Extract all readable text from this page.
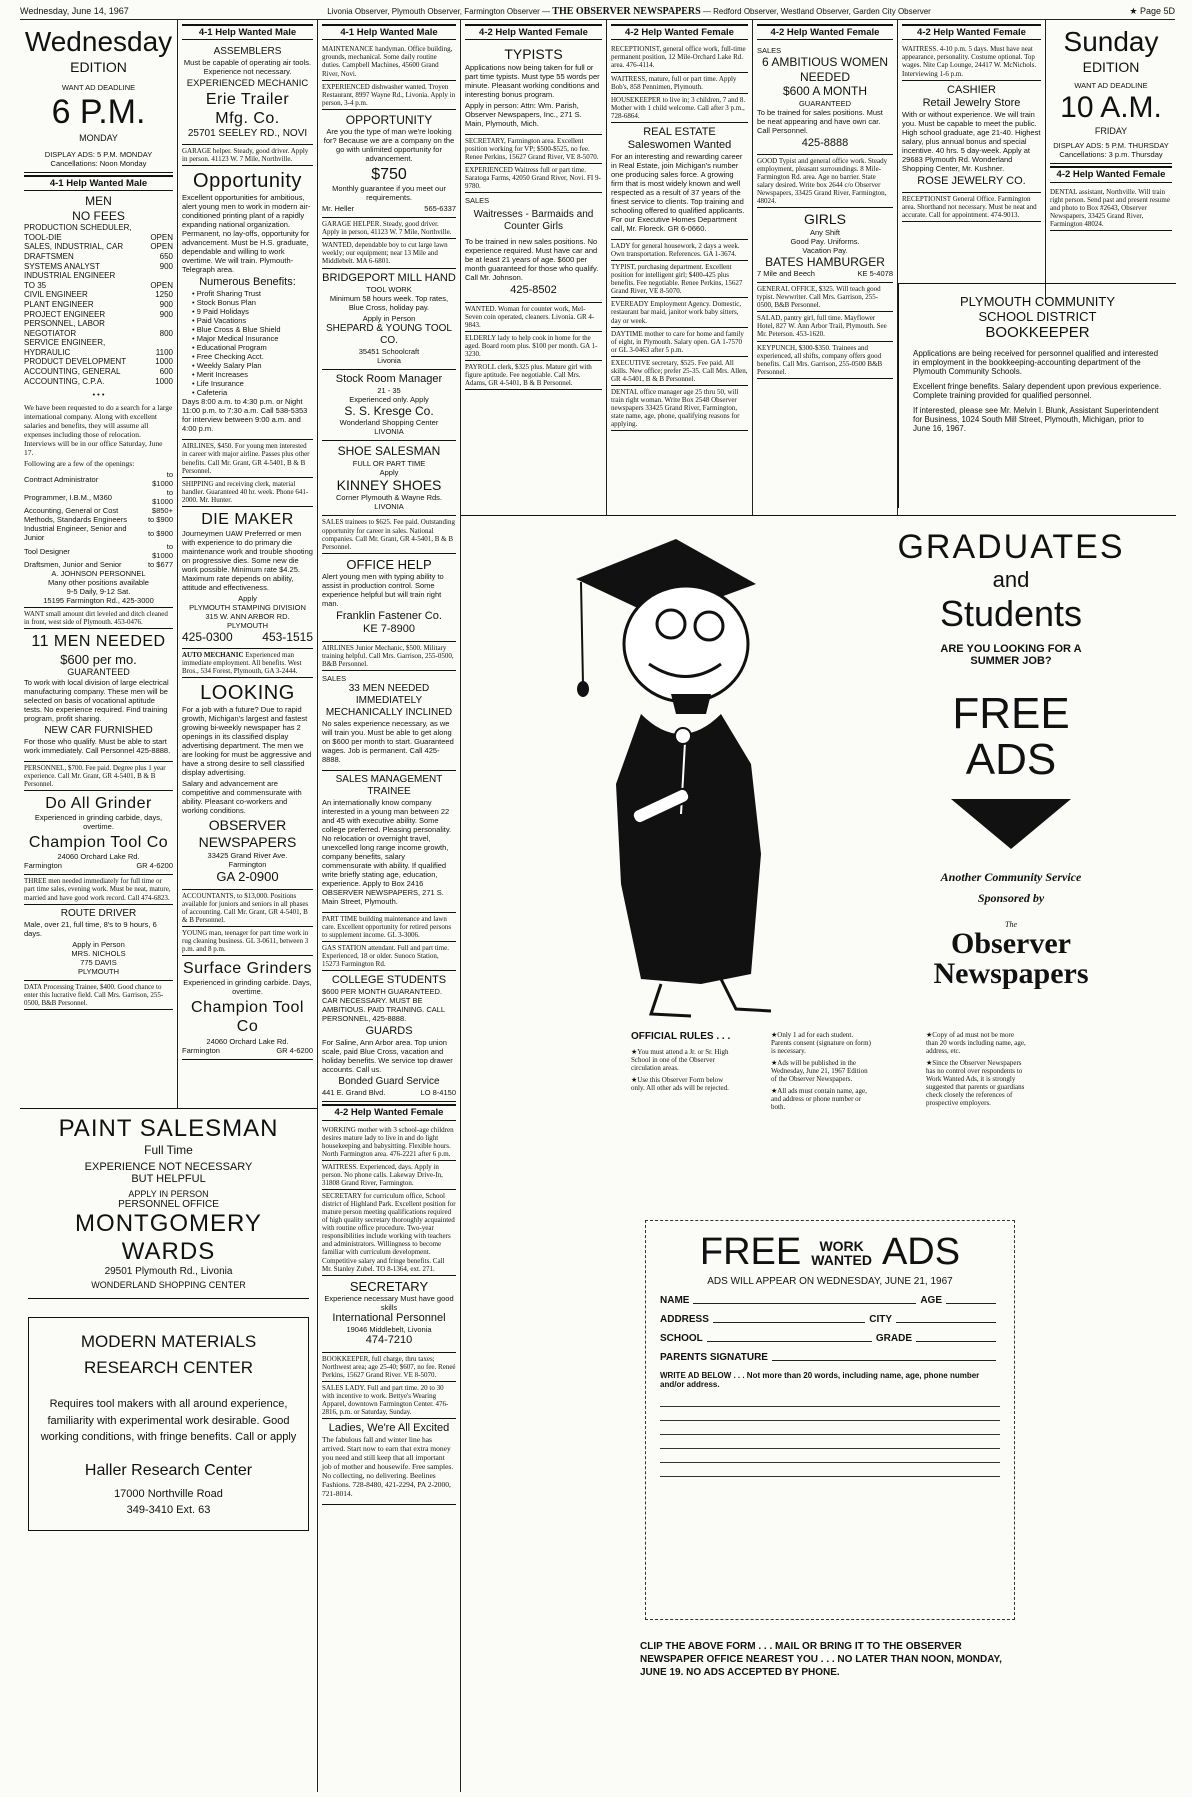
Wednesday, June 14, 1967	Livonia Observer, Plymouth Observer, Farmington Observer — THE OBSERVER NEWSPAPERS — Redford Observer, Westland Observer, Garden City Observer	★ Page 5D
Wednesday
EDITION
WANT AD DEADLINE
6 P.M.
MONDAY
DISPLAY ADS: 5 P.M. MONDAY
Cancellations: Noon Monday
4-1 Help Wanted Male
MEN
NO FEES
PRODUCTION SCHEDULER,	
TOOL-DIE	OPEN
SALES, INDUSTRIAL, CAR	OPEN
DRAFTSMEN	650
SYSTEMS ANALYST	900
INDUSTRIAL ENGINEER	
TO 35	OPEN
CIVIL ENGINEER	1250
PLANT ENGINEER	900
PROJECT ENGINEER	900
PERSONNEL, LABOR	
NEGOTIATOR	800
SERVICE ENGINEER,	
HYDRAULIC	1100
PRODUCT DEVELOPMENT	1000
ACCOUNTING, GENERAL	600
ACCOUNTING, C.P.A.	1000
• • •

We have been requested to do a search for a large international company. Along with excellent salaries and benefits, they will assume all expenses including those of relocation. Interviews will be in our office Saturday, June 17.

Following are a few of the openings:

Contract Administrator	to $1000
Programmer, I.B.M., M360	to $1000
Accounting, General or Cost	$850+
Methods, Standards Engineers	to $900
Industrial Engineer, Senior and Junior	to $900
Tool Designer	to $1000
Draftsmen, Junior and Senior	to $677
A. JOHNSON PERSONNEL
Many other positions available
9-5 Daily, 9-12 Sat.
15195 Farmington Rd., 425-3000
WANT small amount dirt leveled and ditch cleaned in front, west side of Plymouth. 453-0476.
11 MEN NEEDED
$600 per mo.
GUARANTEED

To work with local division of large electrical manufacturing company. These men will be selected on basis of vocational aptitude tests. No experience required. Find training program, profit sharing.

NEW CAR FURNISHED

For those who qualify. Must be able to start work immediately. Call Personnel 425-8888.

PERSONNEL, $700. Fee paid. Degree plus 1 year experience. Call Mr. Grant, GR 4-5401, B & B Personnel.
Do All Grinder

Experienced in grinding carbide, days, overtime.

Champion Tool Co
24060 Orchard Lake Rd.
Farmington	GR 4-6200
THREE men needed immediately for full time or part time sales, evening work. Must be neat, mature, married and have good work record. Call 474-6823.
ROUTE DRIVER

Male, over 21, full time, 8's to 9 hours, 6 days.

Apply in Person
MRS. NICHOLS
775 DAVIS
PLYMOUTH
DATA Processing Trainee, $400. Good chance to enter this lucrative field. Call Mrs. Garrison, 255-0500, B&B Personnel.
4-1 Help Wanted Male
ASSEMBLERS

Must be capable of operating air tools. Experience not necessary.

EXPERIENCED MECHANIC
Erie Trailer
Mfg. Co.
25701 SEELEY RD., NOVI
GARAGE helper. Steady, good driver. Apply in person. 41123 W. 7 Mile, Northville.
Opportunity

Excellent opportunities for ambitious, alert young men to work in modern air-conditioned printing plant of a rapidly expanding national organization. Permanent, no lay-offs, opportunity for advancement. Must be H.S. graduate, dependable and willing to work overtime. We will train. Plymouth-Telegraph area.

Numerous Benefits:
• Profit Sharing Trust
• Stock Bonus Plan
• 9 Paid Holidays
• Paid Vacations
• Blue Cross & Blue Shield
• Major Medical Insurance
• Educational Program
• Free Checking Acct.
• Weekly Salary Plan
• Merit Increases
• Life Insurance
• Cafeteria

Days 8:00 a.m. to 4:30 p.m. or Night 11:00 p.m. to 7:30 a.m. Call 538-5353 for interview between 9:00 a.m. and 4:00 p.m.

AIRLINES, $450. For young men interested in career with major airline. Passes plus other benefits. Call Mr. Grant, GR 4-5401, B & B Personnel.
SHIPPING and receiving clerk, material handler. Guaranteed 40 hr. week. Phone 641-2000. Mr. Hunter.
DIE MAKER

Journeymen UAW Preferred or men with experience to do primary die maintenance work and trouble shooting on progressive dies. Some new die work possible. Minimum rate $4.25. Maximum rate depends on ability, attitude and effectiveness.

Apply
PLYMOUTH STAMPING DIVISION
315 W. ANN ARBOR RD.
PLYMOUTH
425-0300 453-1515
AUTO MECHANIC Experienced man immediate employment. All benefits. West Bros., 534 Forest, Plymouth, GA 3-2444.
LOOKING

For a job with a future? Due to rapid growth, Michigan's largest and fastest growing bi-weekly newspaper has 2 openings in its classified display advertising department. The men we are looking for must be aggressive and have a strong desire to sell classified display advertising.

Salary and advancement are competitive and commensurate with ability. Pleasant co-workers and working conditions.

OBSERVER NEWSPAPERS
33425 Grand River Ave.
Farmington
GA 2-0900
ACCOUNTANTS, to $13,000. Positions available for juniors and seniors in all phases of accounting. Call Mr. Grant, GR 4-5401, B & B Personnel.
YOUNG man, teenager for part time work in rug cleaning business. GL 3-0611, between 3 p.m. and 8 p.m.
Surface Grinders

Experienced in grinding carbide. Days, overtime.

Champion Tool Co
24060 Orchard Lake Rd.
Farmington	GR 4-6200
4-1 Help Wanted Male
MAINTENANCE handyman. Office building, grounds, mechanical. Some daily routine duties. Campbell Machines, 45600 Grand River, Novi.
EXPERIENCED dishwasher wanted. Troyen Restaurant, 8997 Wayne Rd., Livonia. Apply in person, 3-4 p.m.
OPPORTUNITY

Are you the type of man we're looking for? Because we are a company on the go with unlimited opportunity for advancement.

$750

Monthly guarantee if you meet our requirements.

Mr. Heller	565-6337
GARAGE HELPER. Steady, good driver. Apply in person, 41123 W. 7 Mile, Northville.
WANTED, dependable boy to cut large lawn weekly; our equipment; near 13 Mile and Middlebelt. MA 6-6801.
BRIDGEPORT MILL HAND
TOOL WORK

Minimum 58 hours week. Top rates, Blue Cross, holiday pay.

Apply in Person
SHEPARD & YOUNG TOOL CO.
35451 Schoolcraft
Livonia
Stock Room Manager
21 - 35
Experienced only. Apply
S. S. Kresge Co.
Wonderland Shopping Center
LIVONIA
SHOE SALESMAN
FULL OR PART TIME
Apply
KINNEY SHOES
Corner Plymouth & Wayne Rds.
LIVONIA
SALES trainees to $625. Fee paid. Outstanding opportunity for career in sales. National companies. Call Mr. Grant, GR 4-5401, B & B Personnel.
OFFICE HELP

Alert young men with typing ability to assist in production control. Some experience helpful but will train right man.

Franklin Fastener Co.
KE 7-8900
AIRLINES Junior Mechanic, $500. Military training helpful. Call Mrs. Garrison, 255-0500, B&B Personnel.
SALES
33 MEN NEEDED IMMEDIATELY MECHANICALLY INCLINED

No sales experience necessary, as we will train you. Must be able to get along on $600 per month to start. Guaranteed wages. Job is permanent. Call 425-8888.

SALES MANAGEMENT TRAINEE

An internationally know company interested in a young man between 22 and 45 with executive ability. Some college preferred. Pleasing personality. No relocation or overnight travel, unexcelled long range income growth, company benefits, salary commensurate with ability. If qualified write briefly stating age, education, experience. Apply to Box 2416 OBSERVER NEWSPAPERS, 271 S. Main Street, Plymouth.

PART TIME building maintenance and lawn care. Excellent opportunity for retired persons to supplement income. GL 3-3006.
GAS STATION attendant. Full and part time. Experienced, 18 or older. Sunoco Station, 15273 Farmington Rd.
COLLEGE STUDENTS

$600 PER MONTH GUARANTEED. CAR NECESSARY. MUST BE AMBITIOUS. PAID TRAINING. CALL PERSONNEL, 425-8888.

GUARDS

For Saline, Ann Arbor area. Top union scale, paid Blue Cross, vacation and holiday benefits. We service top drawer accounts. Call us.

Bonded Guard Service
441 E. Grand Blvd.	LO 8-4150
4-2 Help Wanted Female
WORKING mother with 3 school-age children desires mature lady to live in and do light housekeeping and babysitting. Flexible hours. North Farmington area. 476-2221 after 6 p.m.
WAITRESS. Experienced, days. Apply in person. No phone calls. Lakeway Drive-In, 31808 Grand River, Farmington.
SECRETARY for curriculum office, School district of Highland Park. Excellent position for mature person meeting qualifications required of high quality secretary thoroughly acquainted with routine office procedure. Two-year responsibilities include working with teachers and administrators. Willingness to become familiar with curriculum development. Competitive salary and fringe benefits. Call Mr. Stanley Zubel. TO 8-1364, ext. 271.
SECRETARY
Experience necessary Must have good skills
International Personnel
19046 Middlebelt, Livonia
474-7210
BOOKKEEPER, full charge, thru taxes; Northwest area; age 25-40; $607, no fee. Reneé Perkins, 15627 Grand River. VE 8-5070.
SALES LADY. Full and part time. 20 to 30 with incentive to work. Bettye's Wearing Apparel, downtown Farmington Center. 476-2816, p.m. or Saturday, Sunday.
Ladies, We're All Excited

The fabulous fall and winter line has arrived. Start now to earn that extra money you need and still keep that all important job of mother and housewife. Free samples. No collecting, no delivering. Beelines Fashions. 728-8480, 421-2294, PA 2-2000, 721-8014.

PAINT SALESMAN
Full Time
EXPERIENCE NOT NECESSARY
BUT HELPFUL
APPLY IN PERSON
PERSONNEL OFFICE
MONTGOMERY WARDS
29501 Plymouth Rd., Livonia
WONDERLAND SHOPPING CENTER
MODERN MATERIALS
RESEARCH CENTER
Requires tool makers with all around experience, familiarity with experimental work desirable. Good working conditions, with fringe benefits. Call or apply
Haller Research Center
17000 Northville Road
349-3410 Ext. 63
4-2 Help Wanted Female
TYPISTS

Applications now being taken for full or part time typists. Must type 55 words per minute. Pleasant working conditions and interesting bonus program.

Apply in person: Attn: Wm. Parish, Observer Newspapers, Inc., 271 S. Main, Plymouth, Mich.

SECRETARY, Farmington area. Excellent position working for VP; $500-$525, no fee. Renee Perkins, 15627 Grand River, VE 8-5070.
EXPERIENCED Waitress full or part time. Saratoga Farms, 42050 Grand River, Novi. FI 9-9780.
SALES
Waitresses - Barmaids and Counter Girls

To be trained in new sales positions. No experience required. Must have car and be at least 21 years of age. $600 per month guaranteed for those who qualify. Call Mr. Johnson.

425-8502
WANTED. Woman for counter work, Mel-Seven coin operated, cleaners. Livonia. GR 4-9843.
ELDERLY lady to help cook in home for the aged. Board room plus. $100 per month. GA 1-3230.
PAYROLL clerk, $325 plus. Mature girl with figure aptitude. Fee negotiable. Call Mrs. Adams, GR 4-5401, B & B Personnel.
4-2 Help Wanted Female
RECEPTIONIST, general office work, full-time permanent position, 12 Mile-Orchard Lake Rd. area. 476-4114.
WAITRESS, mature, full or part time. Apply Bob's, 858 Pennimen, Plymouth.
HOUSEKEEPER to live in; 3 children, 7 and 8. Mother with 1 child welcome. Call after 3 p.m., 728-6864.
REAL ESTATE
Saleswomen Wanted

For an interesting and rewarding career in Real Estate, join Michigan's number one producing sales force. A growing firm that is most widely known and well respected as a result of 37 years of the finest service to clients. Top training and schooling offered to qualified applicants. For our Executive Homes Department call, Mr. Floreck. GR 6-0660.

LADY for general housework, 2 days a week. Own transportation. References. GA 1-3674.
TYPIST, purchasing department. Excellent position for intelligent girl; $400-425 plus benefits. Fee negotiable. Renee Perkins, 15627 Grand River, VE 8-5070.
EVEREADY Employment Agency. Domestic, restaurant bar maid, janitor work baby sitters, day or week.
DAYTIME mother to care for home and family of eight, in Plymouth. Salary open. GA 1-7570 or GL 3-0463 after 5 p.m.
EXECUTIVE secretary, $525. Fee paid. All skills. New office; prefer 25-35. Call Mrs. Allen, GR 4-5401, B & B Personnel.
DENTAL office manager age 25 thru 50, will train right woman. Write Box 2548 Observer newspapers 33425 Grand River, Farmington, state name, age, phone, qualifying reasons for applying.
4-2 Help Wanted Female
SALES
6 AMBITIOUS WOMEN NEEDED
$600 A MONTH
GUARANTEED

To be trained for sales positions. Must be neat appearing and have own car. Call Personnel.

425-8888
GOOD Typist and general office work. Steady employment, pleasant surroundings. 8 Mile-Farmington Rd. area. Age no barrier. State salary desired. Write box 2644 c/o Observer Newspapers, 33425 Grand River, Farmington, 48024.
GIRLS
Any Shift
Good Pay. Uniforms.
Vacation Pay.
BATES HAMBURGER
7 Mile and Beech	KE 5-4078
GENERAL OFFICE, $325. Will teach good typist. Newwriter. Call Mrs. Garrison, 255-0500, B&B Personnel.
SALAD, pantry girl, full time. Mayflower Hotel, 827 W. Ann Arbor Trail, Plymouth. See Mr. Peterson. 453-1620.
KEYPUNCH, $300-$350. Trainees and experienced, all shifts, company offers good benefits. Call Mrs. Garrison, 255-0500 B&B Personnel.
4-2 Help Wanted Female
WAITRESS. 4-10 p.m. 5 days. Must have neat appearance, personality. Costume optional. Top wages. Nite Cap Lounge, 24417 W. McNichols. Interviewing 1-6 p.m.
CASHIER
Retail Jewelry Store

With or without experience. We will train you. Must be capable to meet the public. High school graduate, age 21-40. Highest salary, plus annual bonus and special incentive. 40 hrs. 5 day-week. Apply at 29683 Plymouth Rd. Wonderland Shopping Center, Mr. Kushner.

ROSE JEWELRY CO.
RECEPTIONIST General Office. Farmington area. Shorthand not necessary. Must be neat and accurate. Call for appointment. 474-9013.
Sunday
EDITION
WANT AD DEADLINE
10 A.M.
FRIDAY
DISPLAY ADS: 5 P.M. THURSDAY
Cancellations: 3 p.m. Thursday
4-2 Help Wanted Female
DENTAL assistant, Northville. Will train right person. Send past and present resume and photo to Box #2643, Observer Newspapers, 33425 Grand River, Farmington 48024.
PLYMOUTH COMMUNITY
SCHOOL DISTRICT
BOOKKEEPER

Applications are being received for personnel qualified and interested in employment in the bookkeeping-accounting department of the Plymouth Community Schools.

Excellent fringe benefits. Salary dependent upon previous experience. Complete training provided for qualified personnel.

If interested, please see Mr. Melvin I. Blunk, Assistant Superintendent for Business, 1024 South Mill Street, Plymouth, Michigan, prior to June 16, 1967.

GRADUATES
and
Students
ARE YOU LOOKING FOR A SUMMER JOB?
FREE
ADS
Another Community Service
Sponsored by
The
Observer
Newspapers
OFFICIAL RULES . . .

★You must attend a Jr. or Sr. High School in one of the Observer circulation areas.

★Use this Observer Form below only. All other ads will be rejected.

★Only 1 ad for each student. Parents consent (signature on form) is necessary.

★Ads will be published in the Wednesday, June 21, 1967 Edition of the Observer Newspapers.

★All ads must contain name, age, and address or phone number or both.

★Copy of ad must not be more than 20 words including name, age, address, etc.

★Since the Observer Newspapers has no control over respondents to Work Wanted Ads, it is strongly suggested that parents or guardians check closely the references of prospective employers.

FREE	WORK
WANTED ADS
ADS WILL APPEAR ON WEDNESDAY, JUNE 21, 1967
NAME	AGE
ADDRESS	CITY
SCHOOL	GRADE
PARENTS SIGNATURE
WRITE AD BELOW . . . Not more than 20 words, including name, age, phone number and/or address.
CLIP THE ABOVE FORM . . . MAIL OR BRING IT TO THE OBSERVER NEWSPAPER OFFICE NEAREST YOU . . . NO LATER THAN NOON, MONDAY, JUNE 19. NO ADS ACCEPTED BY PHONE.
